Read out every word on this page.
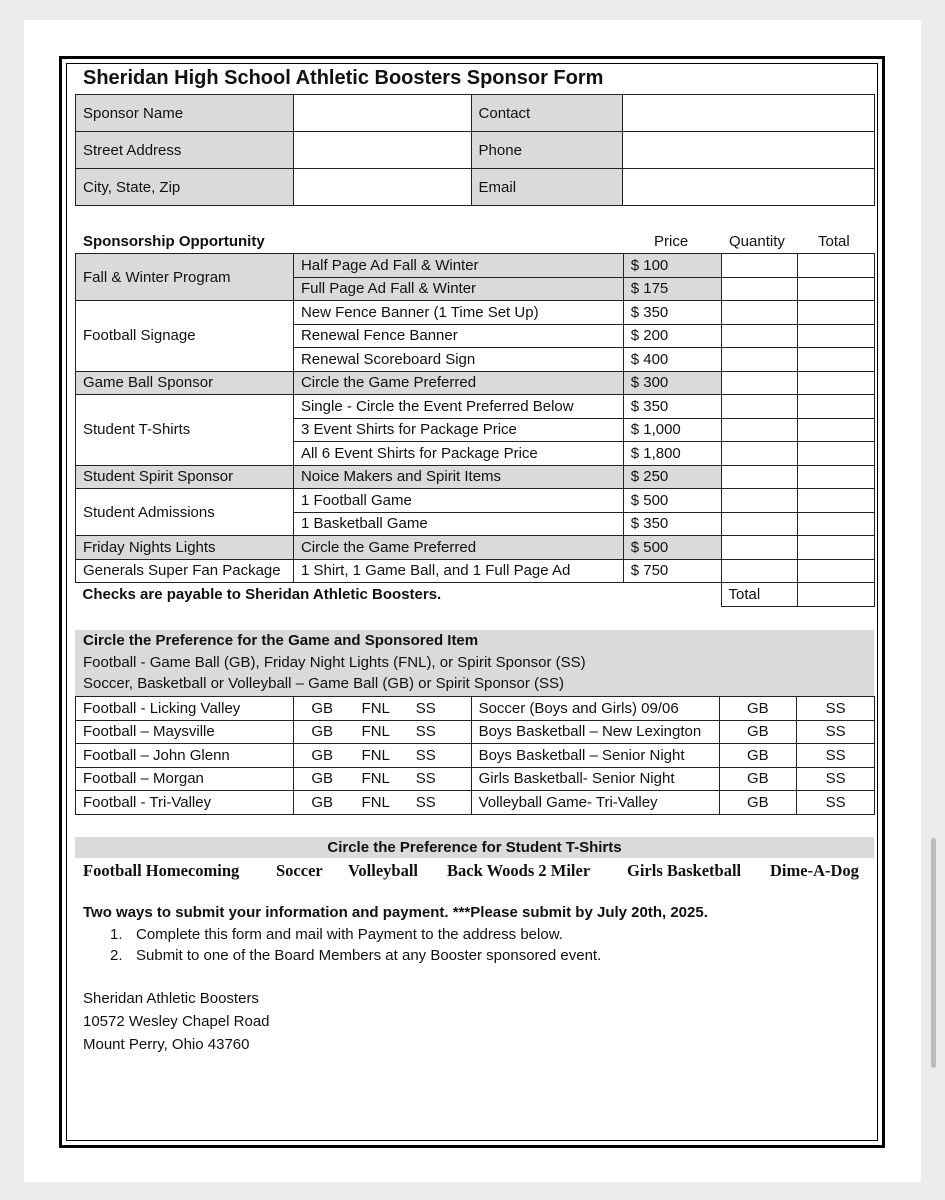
Sheridan High School Athletic Boosters Sponsor Form
Sponsor Name		Contact	
Street Address		Phone	
City, State, Zip		Email	
Sponsorship Opportunity	Price	Quantity Total
Fall & Winter Program	Half Page Ad Fall & Winter	$ 100		
	Full Page Ad Fall & Winter	$ 175		
Football Signage	New Fence Banner (1 Time Set Up)	$ 350		
	Renewal Fence Banner	$ 200		
	Renewal Scoreboard Sign	$ 400		
Game Ball Sponsor	Circle the Game Preferred	$ 300		
Student T-Shirts	Single - Circle the Event Preferred Below	$ 350		
	3 Event Shirts for Package Price	$ 1,000		
	All 6 Event Shirts for Package Price	$ 1,800		
Student Spirit Sponsor	Noice Makers and Spirit Items	$ 250		
Student Admissions	1 Football Game	$ 500		
	1 Basketball Game	$ 350		
Friday Nights Lights	Circle the Game Preferred	$ 500		
Generals Super Fan Package	1 Shirt, 1 Game Ball, and 1 Full Page Ad	$ 750		
Checks are payable to Sheridan Athletic Boosters.			Total	
Circle the Preference for the Game and Sponsored Item
Football - Game Ball (GB), Friday Night Lights (FNL), or Spirit Sponsor (SS)
Soccer, Basketball or Volleyball – Game Ball (GB) or Spirit Sponsor (SS)
Football - Licking Valley	GB FNL SS	Soccer (Boys and Girls) 09/06	GB	SS
Football – Maysville	GB FNL SS	Boys Basketball – New Lexington	GB	SS
Football – John Glenn	GB FNL SS	Boys Basketball – Senior Night	GB	SS
Football – Morgan	GB FNL SS	Girls Basketball- Senior Night	GB	SS
Football - Tri-Valley	GB FNL SS	Volleyball Game- Tri-Valley	GB	SS
Circle the Preference for Student T-Shirts
Football Homecoming Soccer Volleyball Back Woods 2 Miler Girls Basketball Dime-A-Dog
Two ways to submit your information and payment. ***Please submit by July 20th, 2025.
1. Complete this form and mail with Payment to the address below.
2. Submit to one of the Board Members at any Booster sponsored event.
Sheridan Athletic Boosters
10572 Wesley Chapel Road
Mount Perry, Ohio 43760
